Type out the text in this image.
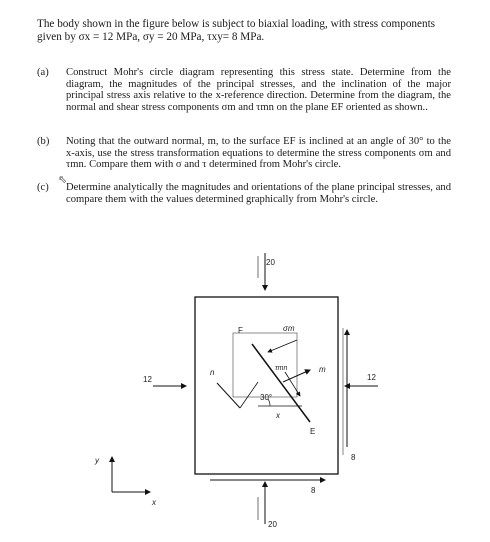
The body shown in the figure below is subject to biaxial loading, with stress components given by σx = 12 MPa, σy = 20 MPa, τxy= 8 MPa.
(a) Construct Mohr's circle diagram representing this stress state. Determine from the diagram, the magnitudes of the principal stresses, and the inclination of the major principal stress axis relative to the x-reference direction. Determine from the diagram, the normal and shear stress components σm and τmn on the plane EF oriented as shown..
(b) Noting that the outward normal, m, to the surface EF is inclined at an angle of 30° to the x-axis, use the stress transformation equations to determine the stress components σm and τmn. Compare them with σ and τ determined from Mohr's circle.
(c) Determine analytically the magnitudes and orientations of the plane principal stresses, and compare them with the values determined graphically from Mohr's circle.
⇖
20
20
12	12
8
8
F
E
σm
τmn	m
n
30°
x
y
x
